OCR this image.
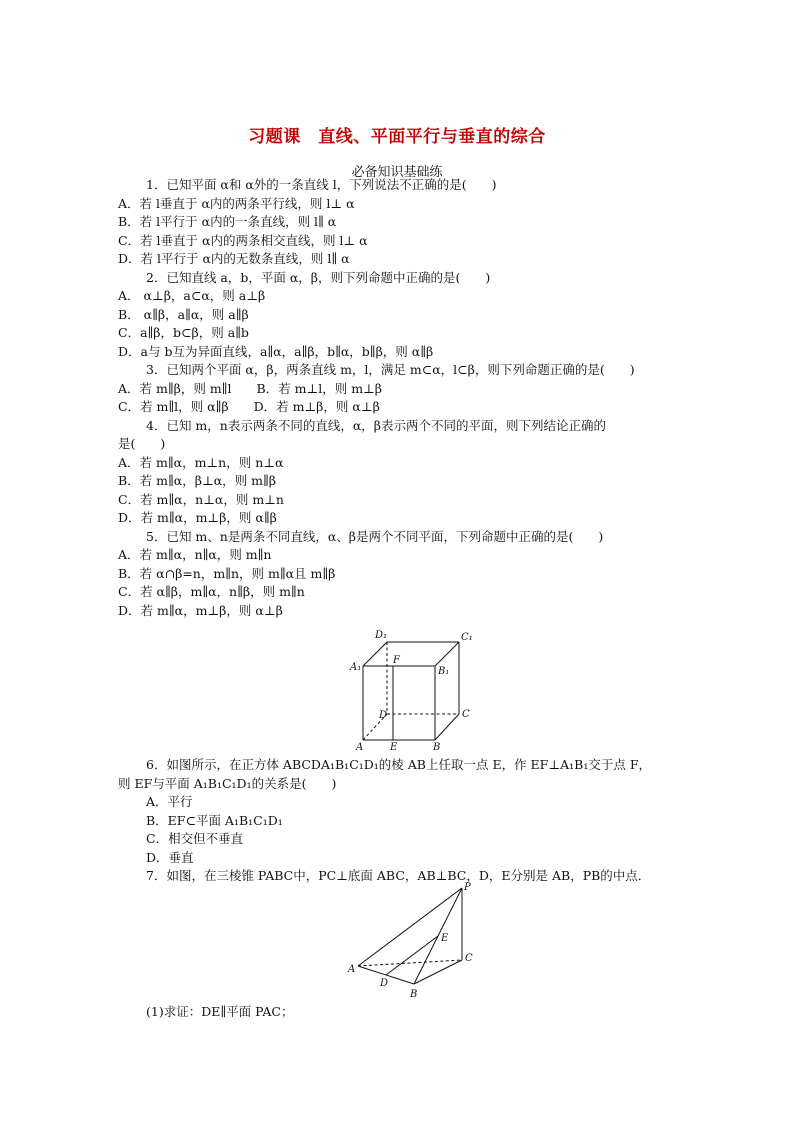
习题课　直线、平面平行与垂直的综合
必备知识基础练
1．已知平面 α和 α外的一条直线 l，下列说法不正确的是(　　)
A．若 l垂直于 α内的两条平行线，则 l⊥ α
B．若 l平行于 α内的一条直线，则 l∥ α
C．若 l垂直于 α内的两条相交直线，则 l⊥ α
D．若 l平行于 α内的无数条直线，则 l∥ α
2．已知直线 a，b，平面 α，β，则下列命题中正确的是(　　)
A． α⊥β，a⊂α，则 a⊥β
B． α∥β，a∥α，则 a∥β
C．a∥β，b⊂β，则 a∥b
D．a与 b互为异面直线，a∥α，a∥β，b∥α，b∥β，则 α∥β
3．已知两个平面 α，β，两条直线 m，l，满足 m⊂α，l⊂β，则下列命题正确的是(　　)
A．若 m∥β，则 m∥l　　B．若 m⊥l，则 m⊥β
C．若 m∥l，则 α∥β　　D．若 m⊥β，则 α⊥β
4．已知 m，n表示两条不同的直线，α，β表示两个不同的平面，则下列结论正确的
是(　　)
A．若 m∥α，m⊥n，则 n⊥α
B．若 m∥α，β⊥α，则 m∥β
C．若 m∥α，n⊥α，则 m⊥n
D．若 m∥α，m⊥β，则 α∥β
5．已知 m、n是两条不同直线，α、β是两个不同平面，下列命题中正确的是(　　)
A．若 m∥α，n∥α，则 m∥n
B．若 α∩β=n，m∥n，则 m∥α且 m∥β
C．若 α∥β，m∥α，n∥β，则 m∥n
D．若 m∥α，m⊥β，则 α⊥β
D₁	C₁
A₁
F
B₁
D	C
A	E	B
6．如图所示，在正方体 ABCDA₁B₁C₁D₁的棱 AB上任取一点 E，作 EF⊥A₁B₁交于点 F，
则 EF与平面 A₁B₁C₁D₁的关系是(　　)
A．平行
B．EF⊂平面 A₁B₁C₁D₁
C．相交但不垂直
D．垂直
7．如图，在三棱锥 PABC中，PC⊥底面 ABC，AB⊥BC，D，E分别是 AB，PB的中点．
P
E
C
A
D
B
(1)求证：DE∥平面 PAC；
